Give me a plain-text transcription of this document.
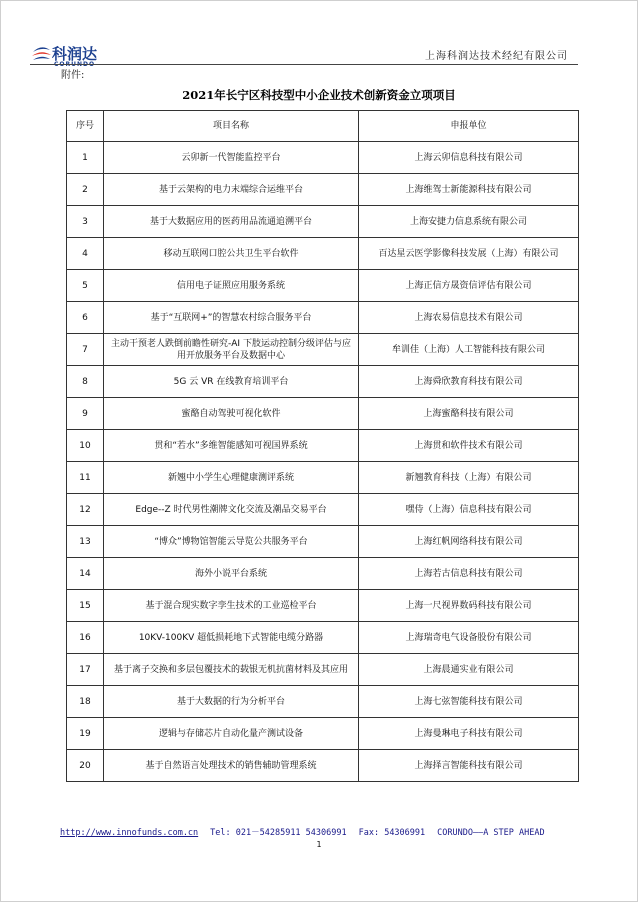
科润达
CORUNDO
上海科润达技术经纪有限公司
附件:
2021年长宁区科技型中小企业技术创新资金立项项目
序号	项目名称	申报单位
1	云卯新一代智能监控平台	上海云卯信息科技有限公司
2	基于云架构的电力末端综合运维平台	上海维驾士新能源科技有限公司
3	基于大数据应用的医药用品流通追溯平台	上海安捷力信息系统有限公司
4	移动互联网口腔公共卫生平台软件	百达星云医学影像科技发展（上海）有限公司
5	信用电子证照应用服务系统	上海正信方晟资信评估有限公司
6	基于“互联网+”的智慧农村综合服务平台	上海农易信息技术有限公司
7	主动干预老人跌倒前瞻性研究-AI 下肢运动控制分级评估与应用开放服务平台及数据中心	牟训佳（上海）人工智能科技有限公司
8	5G 云 VR 在线教育培训平台	上海舜欣教育科技有限公司
9	蜜酪自动驾驶可视化软件	上海蜜酪科技有限公司
10	贯和“若水”多维智能感知可视国界系统	上海贯和软件技术有限公司
11	新翘中小学生心理健康测评系统	新翘教育科技（上海）有限公司
12	Edge--Z 时代男性潮牌文化交流及潮品交易平台	嘿侍（上海）信息科技有限公司
13	“博众”博物馆智能云导览公共服务平台	上海红帆网络科技有限公司
14	海外小说平台系统	上海若古信息科技有限公司
15	基于混合现实数字孪生技术的工业巡检平台	上海一尺视界数码科技有限公司
16	10KV-100KV 超低损耗地下式智能电缆分路器	上海瑞奇电气设备股份有限公司
17	基于离子交换和多层包覆技术的载银无机抗菌材料及其应用	上海晨通实业有限公司
18	基于大数据的行为分析平台	上海七弦智能科技有限公司
19	逻辑与存储芯片自动化量产测试设备	上海曼琳电子科技有限公司
20	基于自然语言处理技术的销售辅助管理系统	上海择言智能科技有限公司
http://www.innofunds.com.cn Tel: 021－54285911 54306991 Fax: 54306991 CORUNDO——A STEP AHEAD
1
